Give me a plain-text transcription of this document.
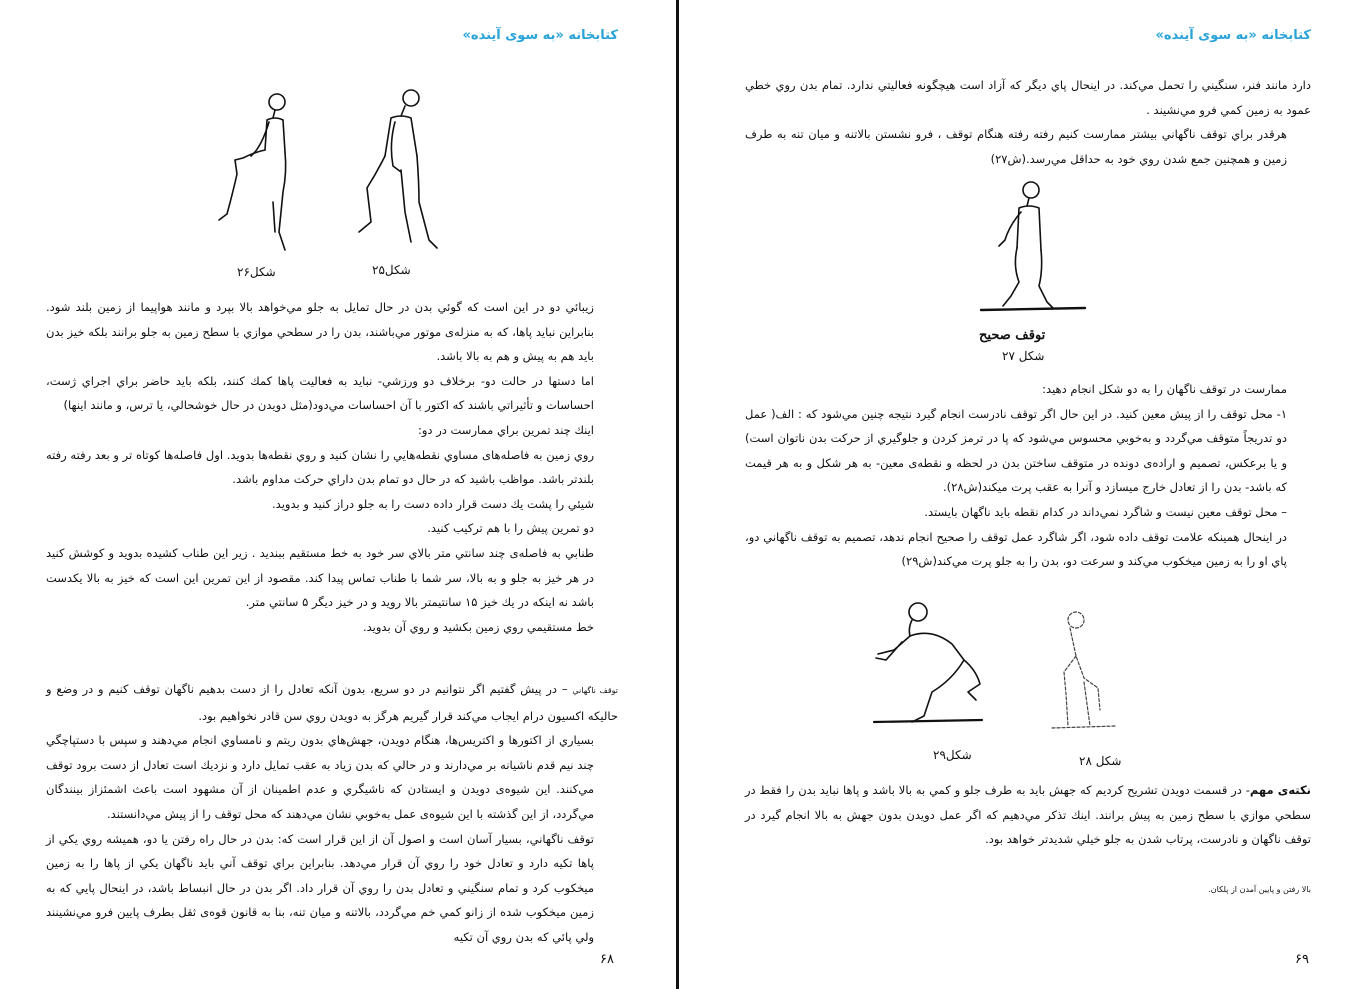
کتابخانه «به سوی آینده»
شکل۲۶	شکل۲۵

زيبائي دو در اين است كه گوئي بدن در حال تمايل به جلو مي‌خواهد بالا بپرد و مانند هواپيما از زمين بلند شود. بنابراين نبايد پاها، كه به منزله‌ی موتور مي‌باشند، بدن را در سطحي موازي با سطح زمين به جلو برانند بلكه خيز بدن بايد هم به پيش و هم به بالا باشد.

اما دستها در حالت دو- برخلاف دو ورزشي- نبايد به فعاليت پاها كمك كنند، بلكه بايد حاضر براي اجراي ژست، احساسات و تأثيراتي باشند كه اكتور با آن احساسات مي‌دود(مثل دويدن در حال خوشحالي، يا ترس، و مانند اينها)

اينك چند تمرين براي ممارست در دو:

روي زمين به فاصله‌های مساوي نقطه‌هايي را نشان كنيد و روي نقطه‌ها بدويد. اول فاصله‌ها كوتاه تر و بعد رفته رفته بلندتر باشد. مواظب باشيد كه در حال دو تمام بدن داراي حركت مداوم باشد.

شيئي را پشت يك دست قرار داده دست را به جلو دراز كنيد و بدويد.

دو تمرين پيش را با هم تركيب كنيد.

طنابي به فاصله‌ی چند سانتي متر بالاي سر خود به خط مستقيم ببنديد . زير اين طناب كشيده بدويد و كوشش كنيد در هر خيز به جلو و به بالا، سر شما با طناب تماس پيدا كند. مقصود از اين تمرين اين است كه خيز به بالا يكدست باشد نه اينكه در يك خيز ۱۵ سانتيمتر بالا رويد و در خيز ديگر ۵ سانتي متر.

خط مستقيمي روي زمين بكشيد و روي آن بدويد.

توقف ناگهاني – در پيش گفتيم اگر نتوانيم در دو سريع، بدون آنكه تعادل را از دست بدهيم ناگهان توقف كنيم و در وضع و حاليكه اكسيون درام ايجاب مي‌كند قرار گيريم هرگز به دويدن روي سن قادر نخواهيم بود.

بسياري از اكتورها و اكتريس‌ها، هنگام دويدن، جهش‌هاي بدون ريتم و نامساوي انجام مي‌دهند و سپس با دستپاچگي چند نيم قدم ناشيانه بر مي‌دارند و در حالي كه بدن زياد به عقب تمايل دارد و نزديك است تعادل از دست برود توقف مي‌كنند. اين شيوه‌ی دويدن و ايستادن كه ناشيگري و عدم اطمينان از آن مشهود است باعث اشمئزاز بينندگان مي‌گردد، از اين گذشته با اين شيوه‌ی عمل به‌خوبي نشان مي‌دهند كه محل توقف را از پيش مي‌دانستند.

توقف ناگهاني، بسيار آسان است و اصول آن از اين قرار است كه: بدن در حال راه رفتن يا دو، هميشه روي يكي از پاها تكيه دارد و تعادل خود را روي آن قرار مي‌دهد. بنابراين براي توقف آني بايد ناگهان يكي از پاها را به زمين ميخكوب كرد و تمام سنگيني و تعادل بدن را روي آن قرار داد. اگر بدن در حال انبساط باشد، در اينحال پايي كه به زمين ميخكوب شده از زانو كمي خم مي‌گردد، بالاتنه و ميان تنه، بنا به قانون قوه‌ی ثقل بطرف پايين فرو مي‌نشينند ولي پائي كه بدن روي آن تكيه

۶۸
کتابخانه «به سوی آینده»

دارد مانند فنر، سنگيني را تحمل مي‌كند. در اينحال پاي ديگر كه آزاد است هيچگونه فعاليتي ندارد. تمام بدن روي خطي عمود به زمين كمي فرو مي‌نشيند .

هرقدر براي توقف ناگهاني بيشتر ممارست كنيم رفته رفته هنگام توقف ، فرو نشستن بالاتنه و ميان تنه به طرف زمين و همچنين جمع شدن روي خود به حداقل مي‌رسد.(ش۲۷)

توقف صحیح
شکل ۲۷

ممارست در توقف ناگهان را به دو شكل انجام دهيد:

۱- محل توقف را از پيش معين كنيد. در اين حال اگر توقف نادرست انجام گيرد نتيجه چنين مي‌شود كه : الف( عمل دو تدريجاً متوقف مي‌گردد و به‌خوبي محسوس مي‌شود كه پا در ترمز كردن و جلوگيري از حركت بدن ناتوان است) و يا برعكس، تصميم و اراده‌ی دونده در متوقف ساختن بدن در لحظه و نقطه‌ی معين- به هر شكل و به هر قيمت كه باشد- بدن را از تعادل خارج ميسازد و آنرا به عقب پرت ميكند(ش۲۸).

– محل توقف معين نيست و شاگرد نمي‌داند در كدام نقطه بايد ناگهان بايستد.

در اينحال همينكه علامت توقف داده شود، اگر شاگرد عمل توقف را صحيح انجام ندهد، تصميم به توقف ناگهاني دو، پاي او را به زمين ميخكوب مي‌كند و سرعت دو، بدن را به جلو پرت مي‌كند(ش۲۹)

شکل ۲۸
شکل۲۹

نکته‌ی مهم- در قسمت دويدن تشريح كرديم كه جهش بايد به طرف جلو و كمي به بالا باشد و پاها نبايد بدن را فقط در سطحي موازي با سطح زمين به پيش برانند. اينك تذكر مي‌دهيم كه اگر عمل دويدن بدون جهش به بالا انجام گيرد در توقف ناگهان و نادرست، پرتاب شدن به جلو خيلي شديدتر خواهد بود.

بالا رفتن و پايين آمدن از پلكان.
۶۹
